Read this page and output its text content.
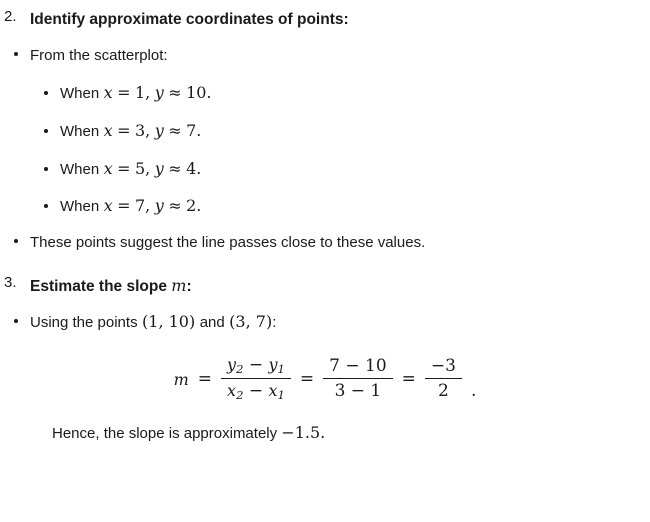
2. Identify approximate coordinates of points:
From the scatterplot:
When x = 1, y ≈ 10.
When x = 3, y ≈ 7.
When x = 5, y ≈ 4.
When x = 7, y ≈ 2.
These points suggest the line passes close to these values.
3. Estimate the slope m:
Using the points (1, 10) and (3, 7):
$m = \frac{y_2 - y_1}{x_2 - x_1} = \frac{7 - 10}{3 - 1} = \frac{-3}{2}$ .
Hence, the slope is approximately −1.5.
